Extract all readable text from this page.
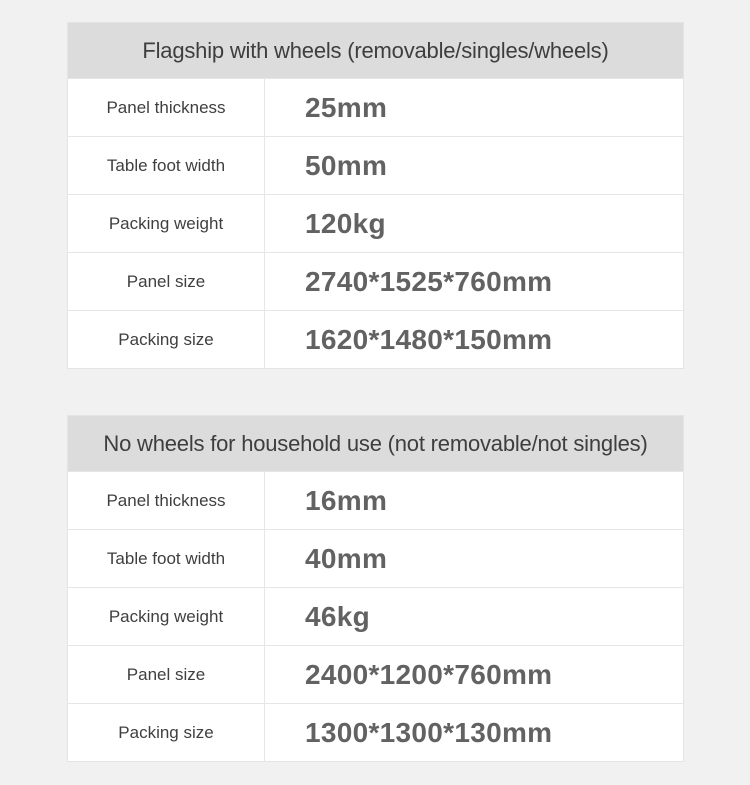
Flagship with wheels (removable/singles/wheels)
Panel thickness	25mm
Table foot width	50mm
Packing weight	120kg
Panel size	2740*1525*760mm
Packing size	1620*1480*150mm
No wheels for household use (not removable/not singles)
Panel thickness	16mm
Table foot width	40mm
Packing weight	46kg
Panel size	2400*1200*760mm
Packing size	1300*1300*130mm
